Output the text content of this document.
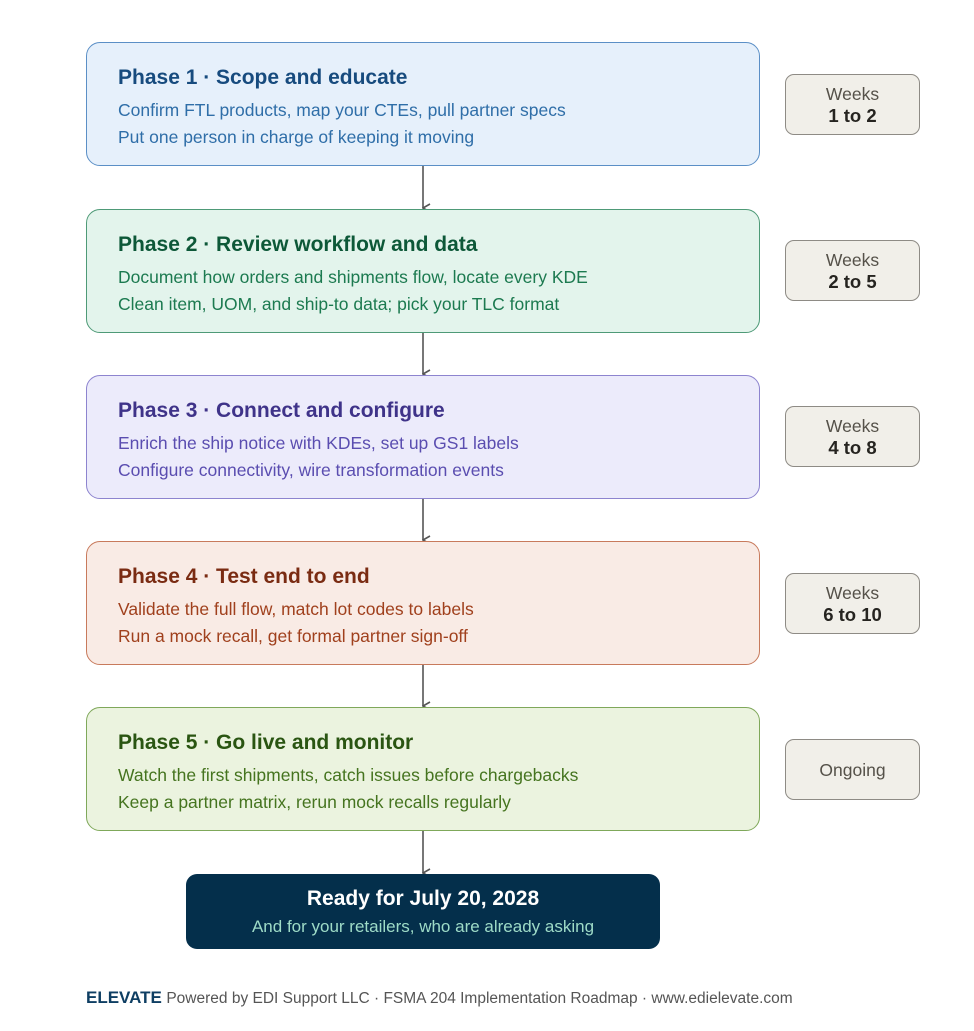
Phase 1 · Scope and educate
Confirm FTL products, map your CTEs, pull partner specs
Put one person in charge of keeping it moving
Weeks
1 to 2
Phase 2 · Review workflow and data
Document how orders and shipments flow, locate every KDE
Clean item, UOM, and ship-to data; pick your TLC format
Weeks
2 to 5
Phase 3 · Connect and configure
Enrich the ship notice with KDEs, set up GS1 labels
Configure connectivity, wire transformation events
Weeks
4 to 8
Phase 4 · Test end to end
Validate the full flow, match lot codes to labels
Run a mock recall, get formal partner sign-off
Weeks
6 to 10
Phase 5 · Go live and monitor
Watch the first shipments, catch issues before chargebacks
Keep a partner matrix, rerun mock recalls regularly
Ongoing
Ready for July 20, 2028
And for your retailers, who are already asking
ELEVATE Powered by EDI Support LLC · FSMA 204 Implementation Roadmap · www.edielevate.com
